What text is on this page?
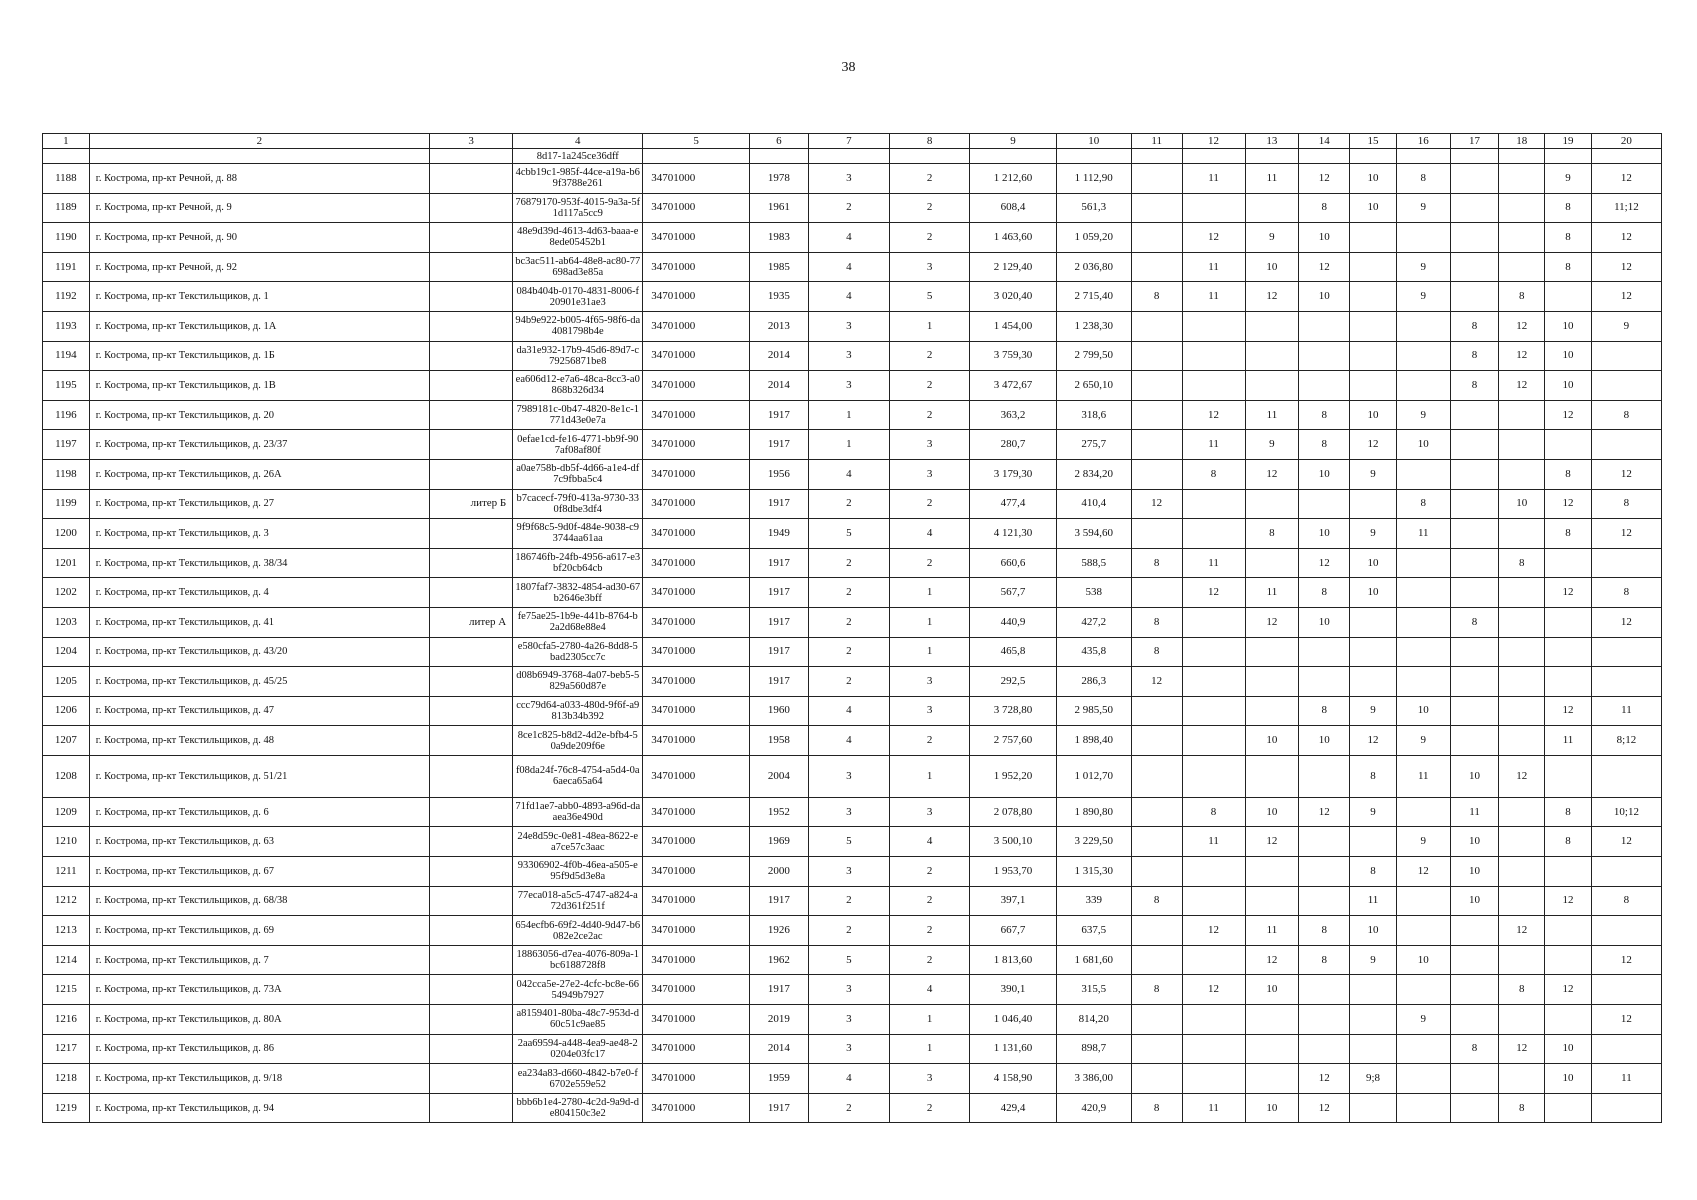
38
1	2	3	4	5	6	7	8	9	10	11	12	13	14	15	16	17	18	19	20
			8d17-1a245ce36dff																
1188	г. Кострома, пр-кт Речной, д. 88		4cbb19c1-985f-44ce-a19a-b69f3788e261	34701000	1978	3	2	1 212,60	1 112,90		11	11	12	10	8			9	12
1189	г. Кострома, пр-кт Речной, д. 9		76879170-953f-4015-9a3a-5f1d117a5cc9	34701000	1961	2	2	608,4	561,3				8	10	9			8	11;12
1190	г. Кострома, пр-кт Речной, д. 90		48e9d39d-4613-4d63-baaa-e8ede05452b1	34701000	1983	4	2	1 463,60	1 059,20		12	9	10					8	12
1191	г. Кострома, пр-кт Речной, д. 92		bc3ac511-ab64-48e8-ac80-77698ad3e85a	34701000	1985	4	3	2 129,40	2 036,80		11	10	12		9			8	12
1192	г. Кострома, пр-кт Текстильщиков, д. 1		084b404b-0170-4831-8006-f20901e31ae3	34701000	1935	4	5	3 020,40	2 715,40	8	11	12	10		9		8		12
1193	г. Кострома, пр-кт Текстильщиков, д. 1А		94b9e922-b005-4f65-98f6-da4081798b4e	34701000	2013	3	1	1 454,00	1 238,30							8	12	10	9
1194	г. Кострома, пр-кт Текстильщиков, д. 1Б		da31e932-17b9-45d6-89d7-c79256871be8	34701000	2014	3	2	3 759,30	2 799,50							8	12	10	
1195	г. Кострома, пр-кт Текстильщиков, д. 1В		ea606d12-e7a6-48ca-8cc3-a0868b326d34	34701000	2014	3	2	3 472,67	2 650,10							8	12	10	
1196	г. Кострома, пр-кт Текстильщиков, д. 20		7989181c-0b47-4820-8e1c-1771d43e0e7a	34701000	1917	1	2	363,2	318,6		12	11	8	10	9			12	8
1197	г. Кострома, пр-кт Текстильщиков, д. 23/37		0efae1cd-fe16-4771-bb9f-907af08af80f	34701000	1917	1	3	280,7	275,7		11	9	8	12	10				
1198	г. Кострома, пр-кт Текстильщиков, д. 26А		a0ae758b-db5f-4d66-a1e4-df7c9fbba5c4	34701000	1956	4	3	3 179,30	2 834,20		8	12	10	9				8	12
1199	г. Кострома, пр-кт Текстильщиков, д. 27	литер Б	b7cacecf-79f0-413a-9730-330f8dbe3df4	34701000	1917	2	2	477,4	410,4	12					8		10	12	8
1200	г. Кострома, пр-кт Текстильщиков, д. 3		9f9f68c5-9d0f-484e-9038-c93744aa61aa	34701000	1949	5	4	4 121,30	3 594,60			8	10	9	11			8	12
1201	г. Кострома, пр-кт Текстильщиков, д. 38/34		186746fb-24fb-4956-a617-e3bf20cb64cb	34701000	1917	2	2	660,6	588,5	8	11		12	10			8		
1202	г. Кострома, пр-кт Текстильщиков, д. 4		1807faf7-3832-4854-ad30-67b2646e3bff	34701000	1917	2	1	567,7	538		12	11	8	10				12	8
1203	г. Кострома, пр-кт Текстильщиков, д. 41	литер А	fe75ae25-1b9e-441b-8764-b2a2d68e88e4	34701000	1917	2	1	440,9	427,2	8		12	10			8			12
1204	г. Кострома, пр-кт Текстильщиков, д. 43/20		e580cfa5-2780-4a26-8dd8-5bad2305cc7c	34701000	1917	2	1	465,8	435,8	8									
1205	г. Кострома, пр-кт Текстильщиков, д. 45/25		d08b6949-3768-4a07-beb5-5829a560d87e	34701000	1917	2	3	292,5	286,3	12									
1206	г. Кострома, пр-кт Текстильщиков, д. 47		ccc79d64-a033-480d-9f6f-a9813b34b392	34701000	1960	4	3	3 728,80	2 985,50				8	9	10			12	11
1207	г. Кострома, пр-кт Текстильщиков, д. 48		8ce1c825-b8d2-4d2e-bfb4-50a9de209f6e	34701000	1958	4	2	2 757,60	1 898,40			10	10	12	9			11	8;12
1208	г. Кострома, пр-кт Текстильщиков, д. 51/21		f08da24f-76c8-4754-a5d4-0a6aeca65a64	34701000	2004	3	1	1 952,20	1 012,70					8	11	10	12		
1209	г. Кострома, пр-кт Текстильщиков, д. 6		71fd1ae7-abb0-4893-a96d-daaea36e490d	34701000	1952	3	3	2 078,80	1 890,80		8	10	12	9		11		8	10;12
1210	г. Кострома, пр-кт Текстильщиков, д. 63		24e8d59c-0e81-48ea-8622-ea7ce57c3aac	34701000	1969	5	4	3 500,10	3 229,50		11	12			9	10		8	12
1211	г. Кострома, пр-кт Текстильщиков, д. 67		93306902-4f0b-46ea-a505-e95f9d5d3e8a	34701000	2000	3	2	1 953,70	1 315,30					8	12	10			
1212	г. Кострома, пр-кт Текстильщиков, д. 68/38		77eca018-a5c5-4747-a824-a72d361f251f	34701000	1917	2	2	397,1	339	8				11		10		12	8
1213	г. Кострома, пр-кт Текстильщиков, д. 69		654ecfb6-69f2-4d40-9d47-b6082e2ce2ac	34701000	1926	2	2	667,7	637,5		12	11	8	10			12		
1214	г. Кострома, пр-кт Текстильщиков, д. 7		18863056-d7ea-4076-809a-1bc6188728f8	34701000	1962	5	2	1 813,60	1 681,60			12	8	9	10				12
1215	г. Кострома, пр-кт Текстильщиков, д. 73А		042cca5e-27e2-4cfc-bc8e-6654949b7927	34701000	1917	3	4	390,1	315,5	8	12	10					8	12	
1216	г. Кострома, пр-кт Текстильщиков, д. 80А		a8159401-80ba-48c7-953d-d60c51c9ae85	34701000	2019	3	1	1 046,40	814,20						9				12
1217	г. Кострома, пр-кт Текстильщиков, д. 86		2aa69594-a448-4ea9-ae48-20204e03fc17	34701000	2014	3	1	1 131,60	898,7							8	12	10	
1218	г. Кострома, пр-кт Текстильщиков, д. 9/18		ea234a83-d660-4842-b7e0-f6702e559e52	34701000	1959	4	3	4 158,90	3 386,00				12	9;8				10	11
1219	г. Кострома, пр-кт Текстильщиков, д. 94		bbb6b1e4-2780-4c2d-9a9d-de804150c3e2	34701000	1917	2	2	429,4	420,9	8	11	10	12				8		
